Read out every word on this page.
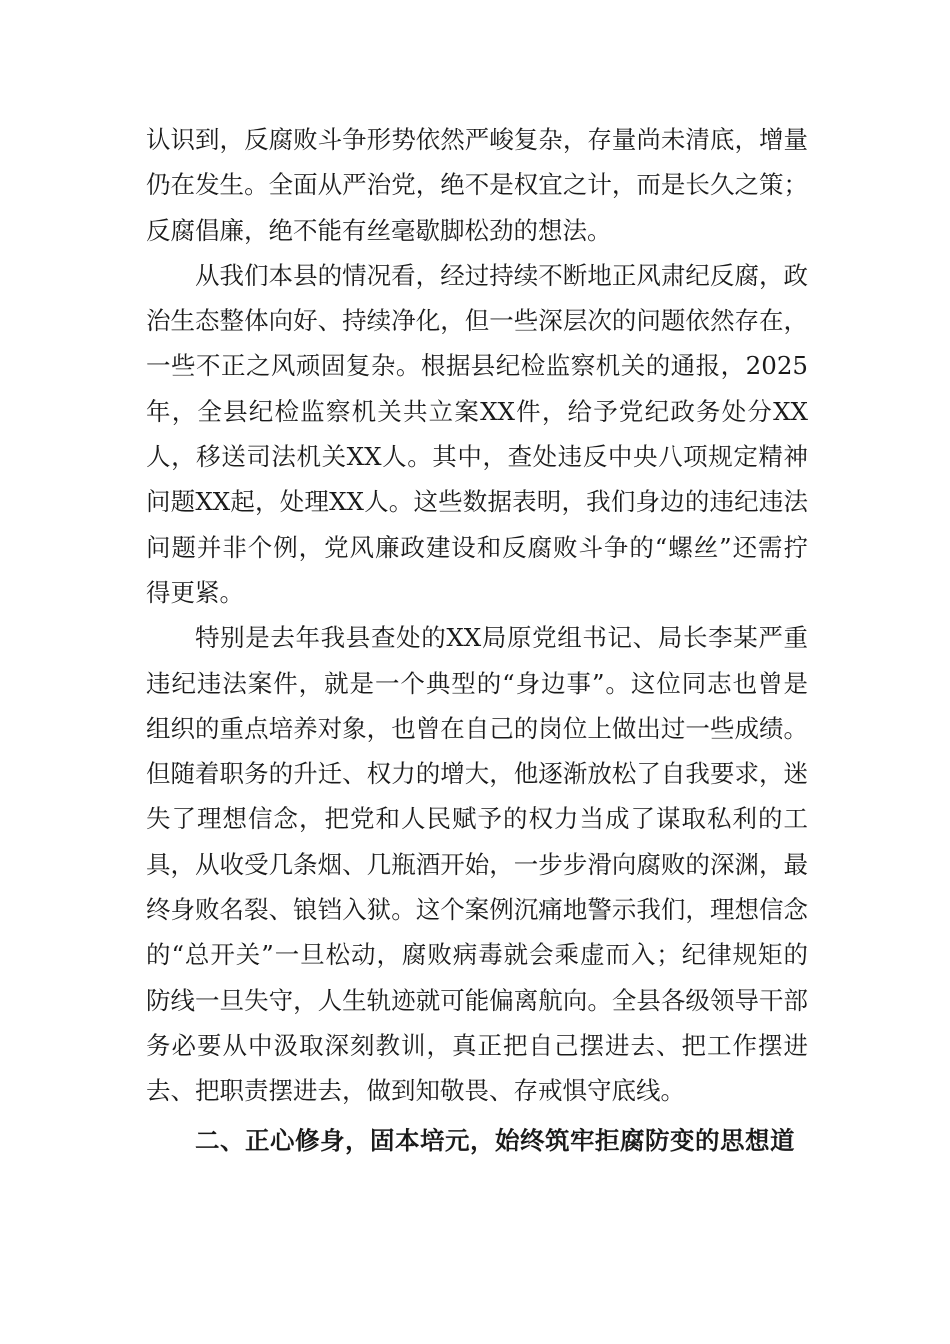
认识到，反腐败斗争形势依然严峻复杂，存量尚未清底，增量仍在发生。全面从严治党，绝不是权宜之计，而是长久之策；反腐倡廉，绝不能有丝毫歇脚松劲的想法。

从我们本县的情况看，经过持续不断地正风肃纪反腐，政治生态整体向好、持续净化，但一些深层次的问题依然存在，一些不正之风顽固复杂。根据县纪检监察机关的通报，2025年，全县纪检监察机关共立案XX件，给予党纪政务处分XX人，移送司法机关XX人。其中，查处违反中央八项规定精神问题XX起，处理XX人。这些数据表明，我们身边的违纪违法问题并非个例，党风廉政建设和反腐败斗争的“螺丝”还需拧得更紧。

特别是去年我县查处的XX局原党组书记、局长李某严重违纪违法案件，就是一个典型的“身边事”。这位同志也曾是组织的重点培养对象，也曾在自己的岗位上做出过一些成绩。但随着职务的升迁、权力的增大，他逐渐放松了自我要求，迷失了理想信念，把党和人民赋予的权力当成了谋取私利的工具，从收受几条烟、几瓶酒开始，一步步滑向腐败的深渊，最终身败名裂、锒铛入狱。这个案例沉痛地警示我们，理想信念的“总开关”一旦松动，腐败病毒就会乘虚而入；纪律规矩的防线一旦失守，人生轨迹就可能偏离航向。全县各级领导干部务必要从中汲取深刻教训，真正把自己摆进去、把工作摆进去、把职责摆进去，做到知敬畏、存戒惧守底线。

二、正心修身，固本培元，始终筑牢拒腐防变的思想道
